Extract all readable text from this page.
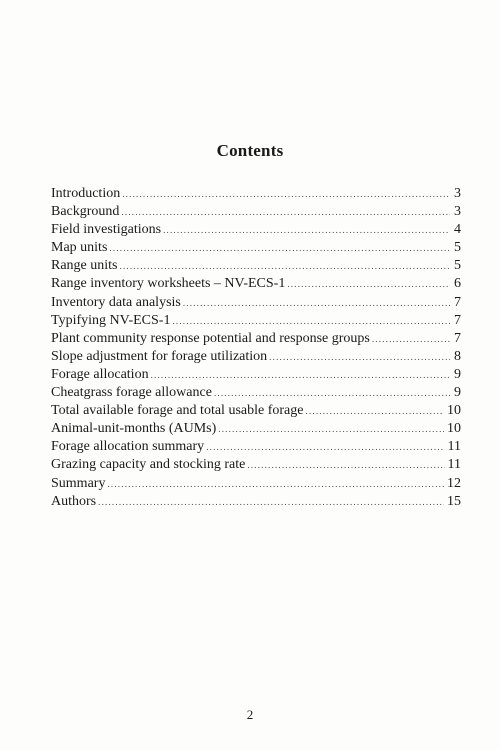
Contents
Introduction .....	3
Background .....	3
Field investigations .....	4
Map units .....	5
Range units .....	5
Range inventory worksheets – NV-ECS-1 .....	6
Inventory data analysis .....	7
Typifying NV-ECS-1 .....	7
Plant community response potential and response groups .....	7
Slope adjustment for forage utilization .....	8
Forage allocation .....	9
Cheatgrass forage allowance .....	9
Total available forage and total usable forage .....	10
Animal-unit-months (AUMs) .....	10
Forage allocation summary .....	11
Grazing capacity and stocking rate .....	11
Summary .....	12
Authors .....	15
2
